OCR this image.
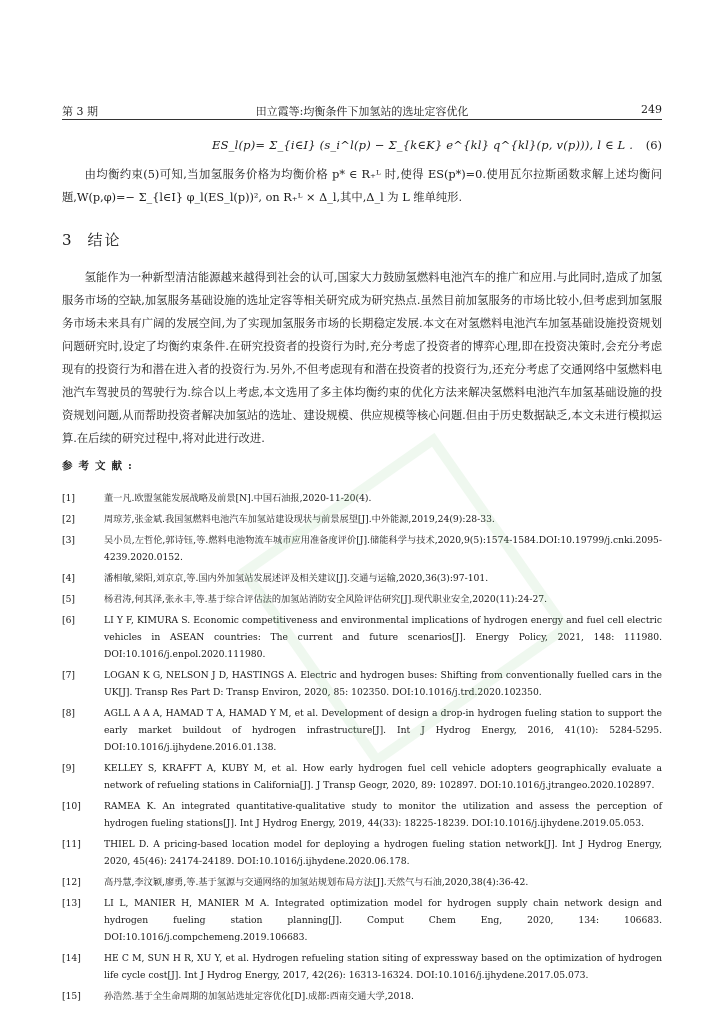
第 3 期	田立霞等:均衡条件下加氢站的选址定容优化	249
ES_l(p)= Σ_{i∈I} (s_i^l(p) − Σ_{k∈K} e^{kl} q^{kl}(p, v(p))), l ∈ L . (6)
由均衡约束(5)可知,当加氢服务价格为均衡价格 p* ∈ R₊ᴸ 时,使得 ES(p*)=0.使用瓦尔拉斯函数求解上述均衡问题,W(p,φ)=− Σ_{l∈I} φ_l(ES_l(p))², on R₊ᴸ × Δ_l,其中,Δ_l 为 L 维单纯形.
3 结论
氢能作为一种新型清洁能源越来越得到社会的认可,国家大力鼓励氢燃料电池汽车的推广和应用.与此同时,造成了加氢服务市场的空缺,加氢服务基础设施的选址定容等相关研究成为研究热点.虽然目前加氢服务的市场比较小,但考虑到加氢服务市场未来具有广阔的发展空间,为了实现加氢服务市场的长期稳定发展.本文在对氢燃料电池汽车加氢基础设施投资规划问题研究时,设定了均衡约束条件.在研究投资者的投资行为时,充分考虑了投资者的博弈心理,即在投资决策时,会充分考虑现有的投资行为和潜在进入者的投资行为.另外,不但考虑现有和潜在投资者的投资行为,还充分考虑了交通网络中氢燃料电池汽车驾驶员的驾驶行为.综合以上考虑,本文选用了多主体均衡约束的优化方法来解决氢燃料电池汽车加氢基础设施的投资规划问题,从而帮助投资者解决加氢站的选址、建设规模、供应规模等核心问题.但由于历史数据缺乏,本文未进行模拟运算.在后续的研究过程中,将对此进行改进.
参考文献:
[1]	董一凡.欧盟氢能发展战略及前景[N].中国石油报,2020-11-20(4).
[2]	周琼芳,张金斌.我国氢燃料电池汽车加氢站建设现状与前景展望[J].中外能源,2019,24(9):28-33.
[3]	吴小员,左哲伦,郭诗钰,等.燃料电池物流车城市应用准备度评价[J].储能科学与技术,2020,9(5):1574-1584.DOI:10.19799/j.cnki.2095-4239.2020.0152.
[4]	潘相敏,梁阳,刘京京,等.国内外加氢站发展述评及相关建议[J].交通与运输,2020,36(3):97-101.
[5]	杨君涛,何其泽,张永丰,等.基于综合评估法的加氢站消防安全风险评估研究[J].现代职业安全,2020(11):24-27.
[6]	LI Y F, KIMURA S. Economic competitiveness and environmental implications of hydrogen energy and fuel cell electric vehicles in ASEAN countries: The current and future scenarios[J]. Energy Policy, 2021, 148: 111980. DOI:10.1016/j.enpol.2020.111980.
[7]	LOGAN K G, NELSON J D, HASTINGS A. Electric and hydrogen buses: Shifting from conventionally fuelled cars in the UK[J]. Transp Res Part D: Transp Environ, 2020, 85: 102350. DOI:10.1016/j.trd.2020.102350.
[8]	AGLL A A A, HAMAD T A, HAMAD Y M, et al. Development of design a drop-in hydrogen fueling station to support the early market buildout of hydrogen infrastructure[J]. Int J Hydrog Energy, 2016, 41(10): 5284-5295. DOI:10.1016/j.ijhydene.2016.01.138.
[9]	KELLEY S, KRAFFT A, KUBY M, et al. How early hydrogen fuel cell vehicle adopters geographically evaluate a network of refueling stations in California[J]. J Transp Geogr, 2020, 89: 102897. DOI:10.1016/j.jtrangeo.2020.102897.
[10]	RAMEA K. An integrated quantitative-qualitative study to monitor the utilization and assess the perception of hydrogen fueling stations[J]. Int J Hydrog Energy, 2019, 44(33): 18225-18239. DOI:10.1016/j.ijhydene.2019.05.053.
[11]	THIEL D. A pricing-based location model for deploying a hydrogen fueling station network[J]. Int J Hydrog Energy, 2020, 45(46): 24174-24189. DOI:10.1016/j.ijhydene.2020.06.178.
[12]	高丹慧,李汶颖,廖勇,等.基于氢源与交通网络的加氢站规划布局方法[J].天然气与石油,2020,38(4):36-42.
[13]	LI L, MANIER H, MANIER M A. Integrated optimization model for hydrogen supply chain network design and hydrogen fueling station planning[J]. Comput Chem Eng, 2020, 134: 106683. DOI:10.1016/j.compchemeng.2019.106683.
[14]	HE C M, SUN H R, XU Y, et al. Hydrogen refueling station siting of expressway based on the optimization of hydrogen life cycle cost[J]. Int J Hydrog Energy, 2017, 42(26): 16313-16324. DOI:10.1016/j.ijhydene.2017.05.073.
[15]	孙浩然.基于全生命周期的加氢站选址定容优化[D].成都:西南交通大学,2018.
